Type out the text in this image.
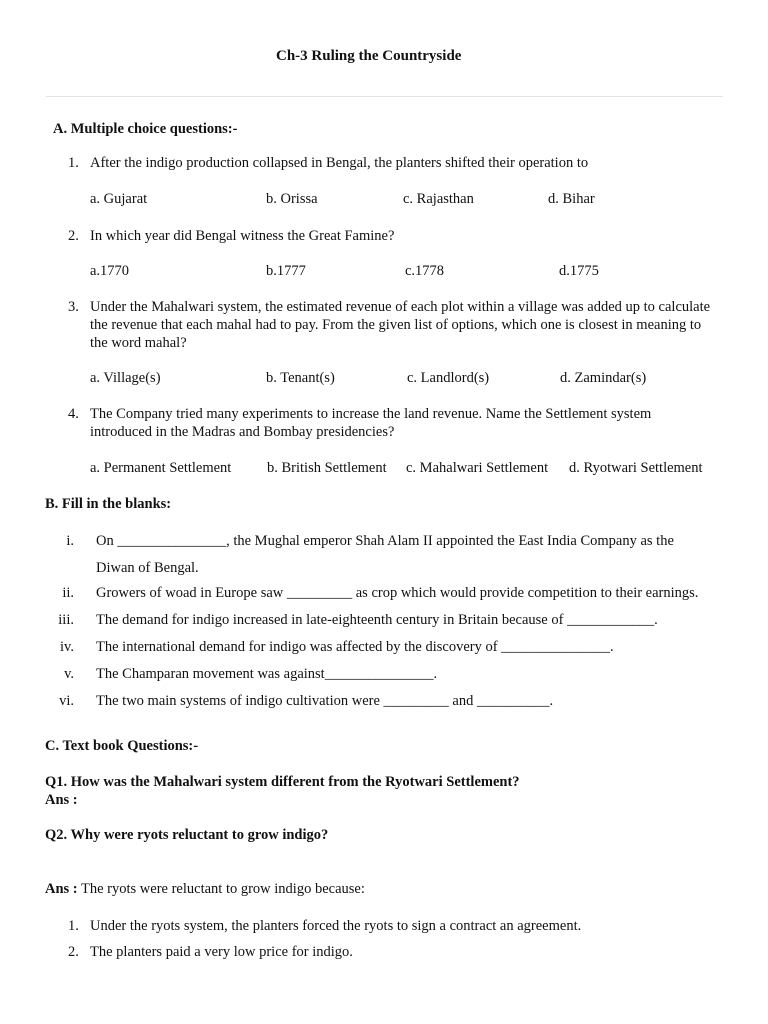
Ch-3 Ruling the Countryside
A. Multiple choice questions:-
1. After the indigo production collapsed in Bengal, the planters shifted their operation to
a. Gujarat	b. Orissa	c. Rajasthan	d. Bihar
2. In which year did Bengal witness the Great Famine?
a.1770	b.1777	c.1778	d.1775
3. Under the Mahalwari system, the estimated revenue of each plot within a village was added up to calculate the revenue that each mahal had to pay. From the given list of options, which one is closest in meaning to the word mahal?
a. Village(s)	b. Tenant(s)	c. Landlord(s)	d. Zamindar(s)
4. The Company tried many experiments to increase the land revenue. Name the Settlement system introduced in the Madras and Bombay presidencies?
a. Permanent Settlement b. British Settlement c. Mahalwari Settlement d. Ryotwari Settlement
B. Fill in the blanks:
i. On _______________, the Mughal emperor Shah Alam II appointed the East India Company as the
Diwan of Bengal.
ii. Growers of woad in Europe saw _________ as crop which would provide competition to their earnings.
iii. The demand for indigo increased in late-eighteenth century in Britain because of ____________.
iv. The international demand for indigo was affected by the discovery of _______________.
v. The Champaran movement was against_______________.
vi. The two main systems of indigo cultivation were _________ and __________.
C. Text book Questions:-
Q1. How was the Mahalwari system different from the Ryotwari Settlement?
Ans :
Q2. Why were ryots reluctant to grow indigo?
Ans : The ryots were reluctant to grow indigo because:
1. Under the ryots system, the planters forced the ryots to sign a contract an agreement.
2. The planters paid a very low price for indigo.
